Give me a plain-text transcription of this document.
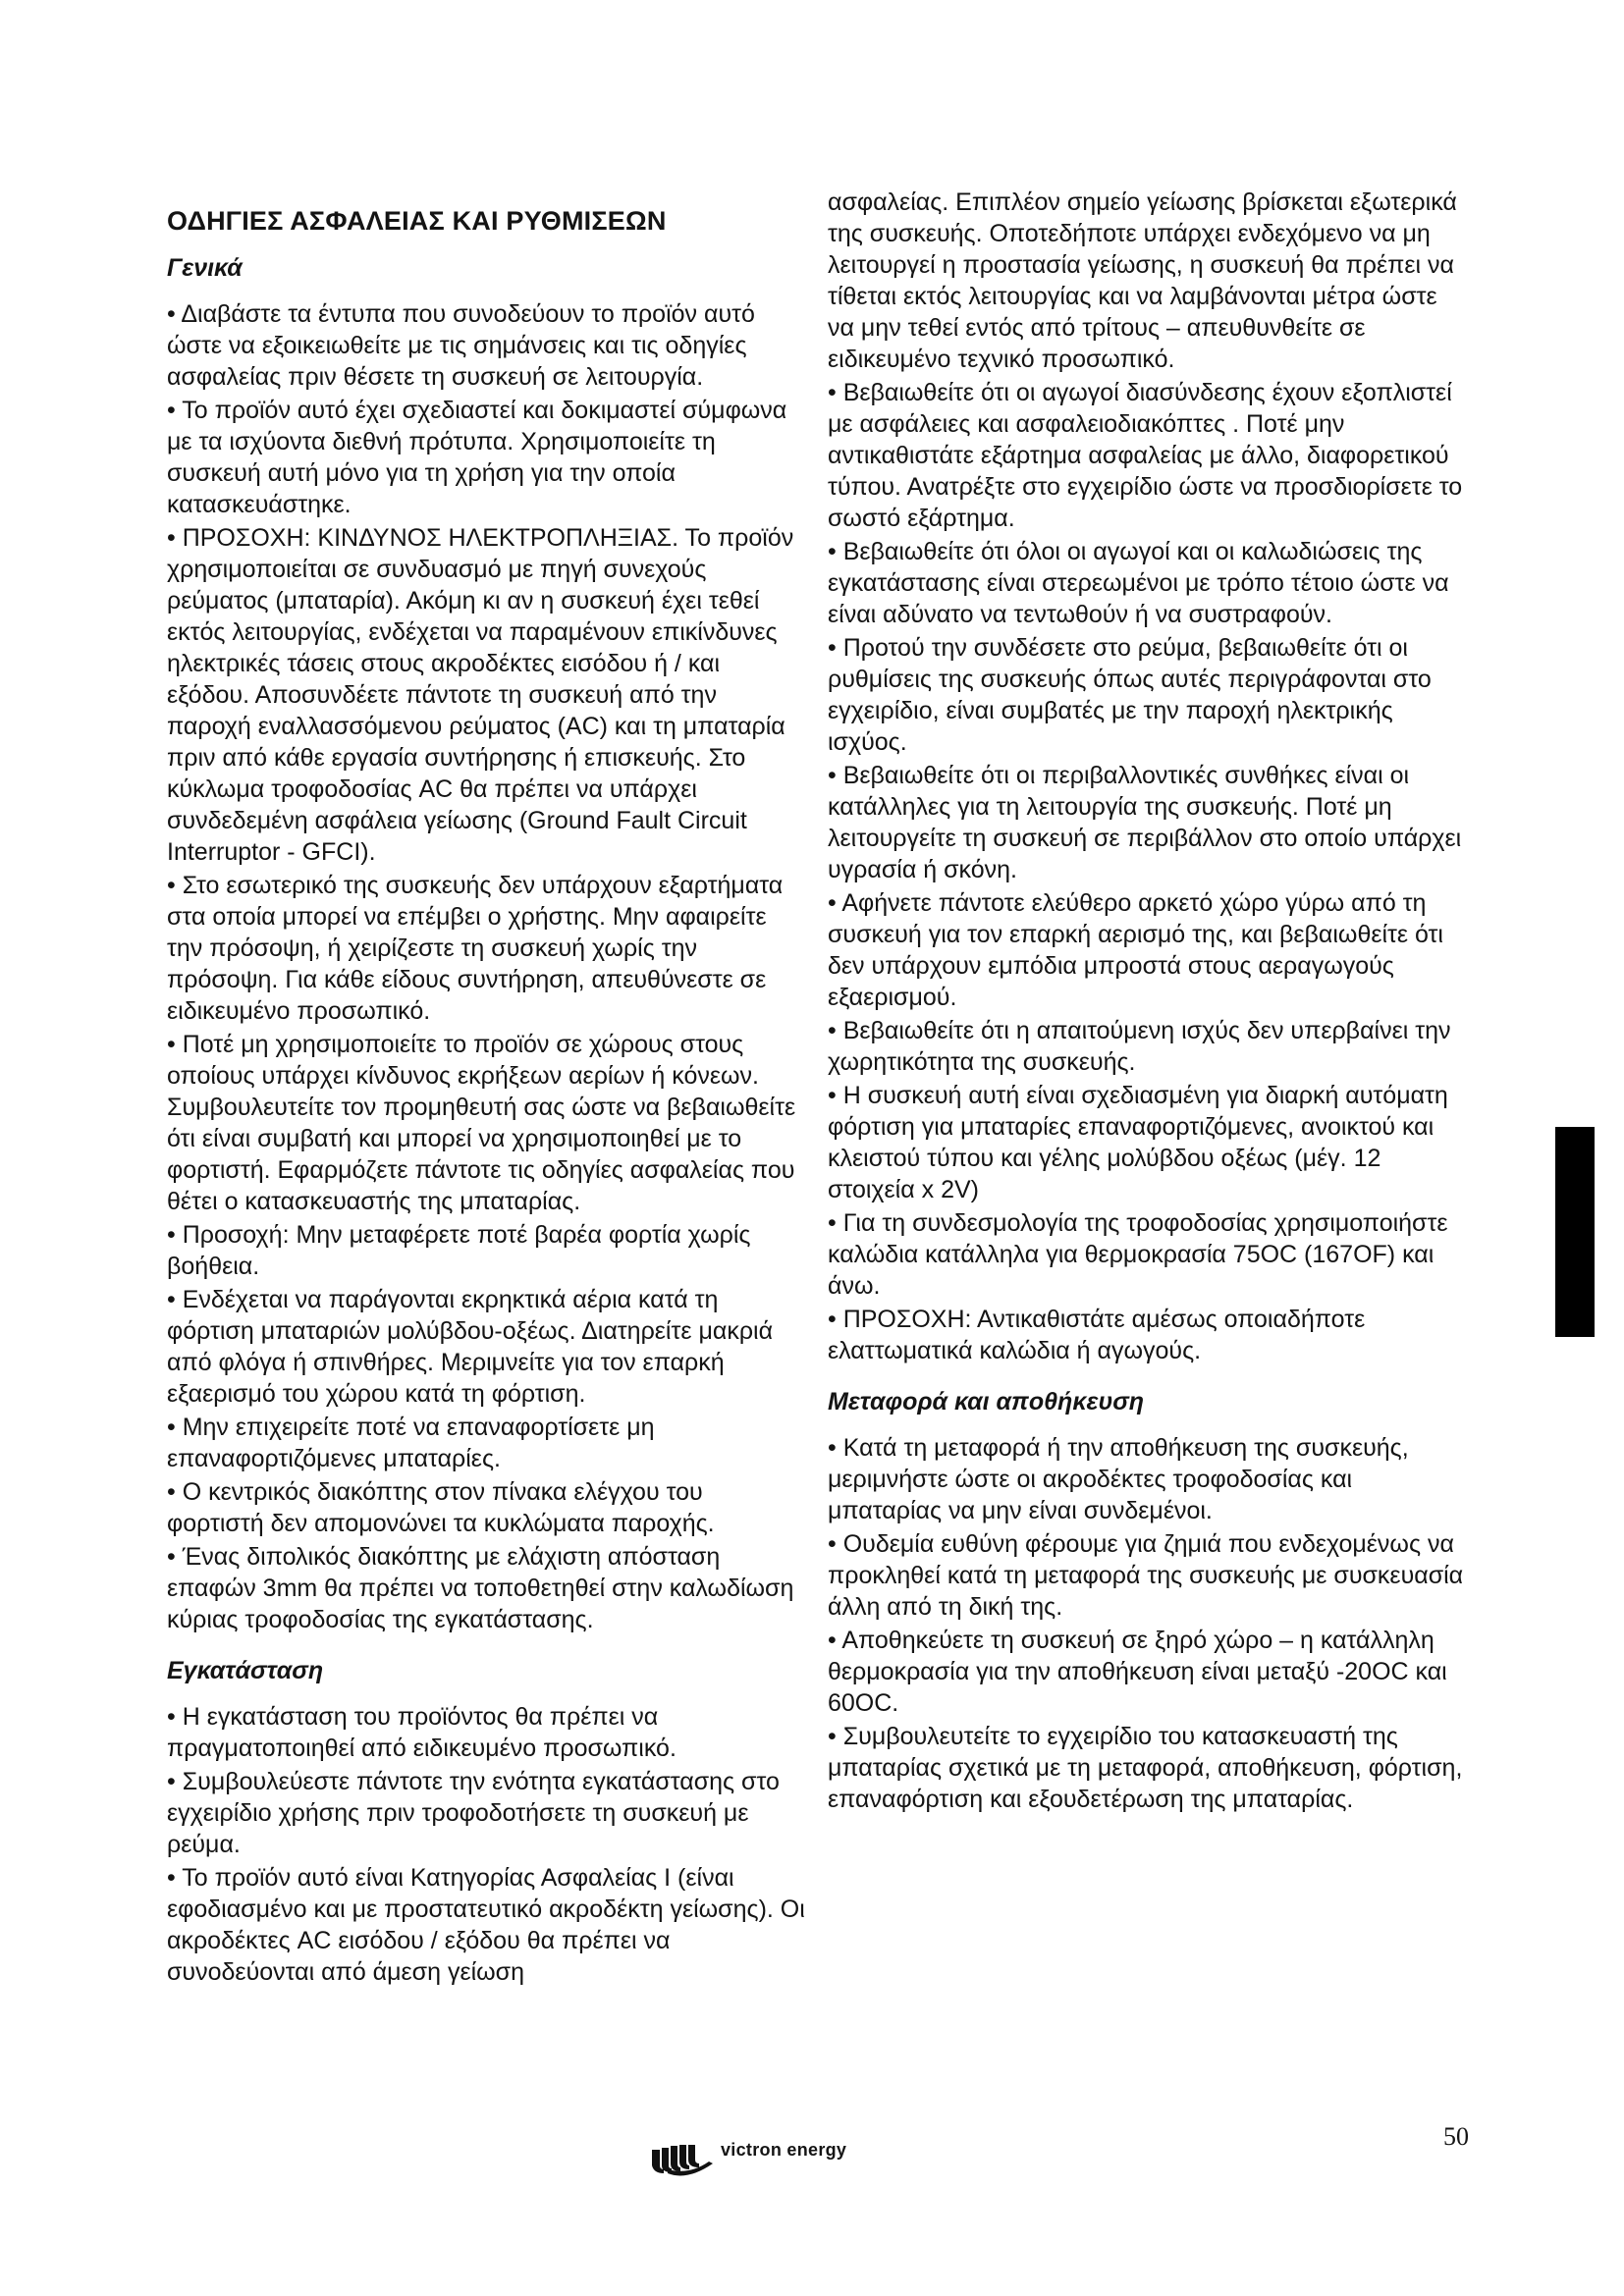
ΟΔΗΓΙΕΣ ΑΣΦΑΛΕΙΑΣ ΚΑΙ ΡΥΘΜΙΣΕΩΝ
Γενικά

• Διαβάστε τα έντυπα που συνοδεύουν το προϊόν αυτό ώστε να εξοικειωθείτε με τις σημάνσεις και τις οδηγίες ασφαλείας πριν θέσετε τη συσκευή σε λειτουργία.

• Το προϊόν αυτό έχει σχεδιαστεί και δοκιμαστεί σύμφωνα με τα ισχύοντα διεθνή πρότυπα. Χρησιμοποιείτε τη συσκευή αυτή μόνο για τη χρήση για την οποία κατασκευάστηκε.

• ΠΡΟΣΟΧΗ: ΚΙΝΔΥΝΟΣ ΗΛΕΚΤΡΟΠΛΗΞΙΑΣ. Το προϊόν χρησιμοποιείται σε συνδυασμό με πηγή συνεχούς ρεύματος (μπαταρία). Ακόμη κι αν η συσκευή έχει τεθεί εκτός λειτουργίας, ενδέχεται να παραμένουν επικίνδυνες ηλεκτρικές τάσεις στους ακροδέκτες εισόδου ή / και εξόδου. Αποσυνδέετε πάντοτε τη συσκευή από την παροχή εναλλασσόμενου ρεύματος (AC) και τη μπαταρία πριν από κάθε εργασία συντήρησης ή επισκευής. Στο κύκλωμα τροφοδοσίας AC θα πρέπει να υπάρχει συνδεδεμένη ασφάλεια γείωσης (Ground Fault Circuit Interruptor - GFCI).

• Στο εσωτερικό της συσκευής δεν υπάρχουν εξαρτήματα στα οποία μπορεί να επέμβει ο χρήστης. Μην αφαιρείτε την πρόσοψη, ή χειρίζεστε τη συσκευή χωρίς την πρόσοψη. Για κάθε είδους συντήρηση, απευθύνεστε σε ειδικευμένο προσωπικό.

• Ποτέ μη χρησιμοποιείτε το προϊόν σε χώρους στους οποίους υπάρχει κίνδυνος εκρήξεων αερίων ή κόνεων. Συμβουλευτείτε τον προμηθευτή σας ώστε να βεβαιωθείτε ότι είναι συμβατή και μπορεί να χρησιμοποιηθεί με το φορτιστή. Εφαρμόζετε πάντοτε τις οδηγίες ασφαλείας που θέτει ο κατασκευαστής της μπαταρίας.

• Προσοχή: Μην μεταφέρετε ποτέ βαρέα φορτία χωρίς βοήθεια.

• Ενδέχεται να παράγονται εκρηκτικά αέρια κατά τη φόρτιση μπαταριών μολύβδου-οξέως. Διατηρείτε μακριά από φλόγα ή σπινθήρες. Μεριμνείτε για τον επαρκή εξαερισμό του χώρου κατά τη φόρτιση.

• Μην επιχειρείτε ποτέ να επαναφορτίσετε μη επαναφορτιζόμενες μπαταρίες.

• Ο κεντρικός διακόπτης στον πίνακα ελέγχου του φορτιστή δεν απομονώνει τα κυκλώματα παροχής.

• Ένας διπολικός διακόπτης με ελάχιστη απόσταση επαφών 3mm θα πρέπει να τοποθετηθεί στην καλωδίωση κύριας τροφοδοσίας της εγκατάστασης.

Εγκατάσταση

• Η εγκατάσταση του προϊόντος θα πρέπει να πραγματοποιηθεί από ειδικευμένο προσωπικό.

• Συμβουλεύεστε πάντοτε την ενότητα εγκατάστασης στο εγχειρίδιο χρήσης πριν τροφοδοτήσετε τη συσκευή με ρεύμα.

• Το προϊόν αυτό είναι Κατηγορίας Ασφαλείας Ι (είναι εφοδιασμένο και με προστατευτικό ακροδέκτη γείωσης). Οι ακροδέκτες AC εισόδου / εξόδου θα πρέπει να συνοδεύονται από άμεση γείωση

ασφαλείας. Επιπλέον σημείο γείωσης βρίσκεται εξωτερικά της συσκευής. Οποτεδήποτε υπάρχει ενδεχόμενο να μη λειτουργεί η προστασία γείωσης, η συσκευή θα πρέπει να τίθεται εκτός λειτουργίας και να λαμβάνονται μέτρα ώστε να μην τεθεί εντός από τρίτους – απευθυνθείτε σε ειδικευμένο τεχνικό προσωπικό.

• Βεβαιωθείτε ότι οι αγωγοί διασύνδεσης έχουν εξοπλιστεί με ασφάλειες και ασφαλειοδιακόπτες . Ποτέ μην αντικαθιστάτε εξάρτημα ασφαλείας με άλλο, διαφορετικού τύπου. Ανατρέξτε στο εγχειρίδιο ώστε να προσδιορίσετε το σωστό εξάρτημα.

• Βεβαιωθείτε ότι όλοι οι αγωγοί και οι καλωδιώσεις της εγκατάστασης είναι στερεωμένοι με τρόπο τέτοιο ώστε να είναι αδύνατο να τεντωθούν ή να συστραφούν.

• Προτού την συνδέσετε στο ρεύμα, βεβαιωθείτε ότι οι ρυθμίσεις της συσκευής όπως αυτές περιγράφονται στο εγχειρίδιο, είναι συμβατές με την παροχή ηλεκτρικής ισχύος.

• Βεβαιωθείτε ότι οι περιβαλλοντικές συνθήκες είναι οι κατάλληλες για τη λειτουργία της συσκευής. Ποτέ μη λειτουργείτε τη συσκευή σε περιβάλλον στο οποίο υπάρχει υγρασία ή σκόνη.

• Αφήνετε πάντοτε ελεύθερο αρκετό χώρο γύρω από τη συσκευή για τον επαρκή αερισμό της, και βεβαιωθείτε ότι δεν υπάρχουν εμπόδια μπροστά στους αεραγωγούς εξαερισμού.

• Βεβαιωθείτε ότι η απαιτούμενη ισχύς δεν υπερβαίνει την χωρητικότητα της συσκευής.

• Η συσκευή αυτή είναι σχεδιασμένη για διαρκή αυτόματη φόρτιση για μπαταρίες επαναφορτιζόμενες, ανοικτού και κλειστού τύπου και γέλης μολύβδου οξέως (μέγ. 12 στοιχεία x 2V)

• Για τη συνδεσμολογία της τροφοδοσίας χρησιμοποιήστε καλώδια κατάλληλα για θερμοκρασία 75ΟC (167ΟF) και άνω.

• ΠΡΟΣΟΧΗ: Αντικαθιστάτε αμέσως οποιαδήποτε ελαττωματικά καλώδια ή αγωγούς.

Μεταφορά και αποθήκευση

• Κατά τη μεταφορά ή την αποθήκευση της συσκευής, μεριμνήστε ώστε οι ακροδέκτες τροφοδοσίας και μπαταρίας να μην είναι συνδεμένοι.

• Ουδεμία ευθύνη φέρουμε για ζημιά που ενδεχομένως να προκληθεί κατά τη μεταφορά της συσκευής με συσκευασία άλλη από τη δική της.

• Αποθηκεύετε τη συσκευή σε ξηρό χώρο – η κατάλληλη θερμοκρασία για την αποθήκευση είναι μεταξύ -20ΟC και 60ΟC.

• Συμβουλευτείτε το εγχειρίδιο του κατασκευαστή της μπαταρίας σχετικά με τη μεταφορά, αποθήκευση, φόρτιση, επαναφόρτιση και εξουδετέρωση της μπαταρίας.

50
victron energy
